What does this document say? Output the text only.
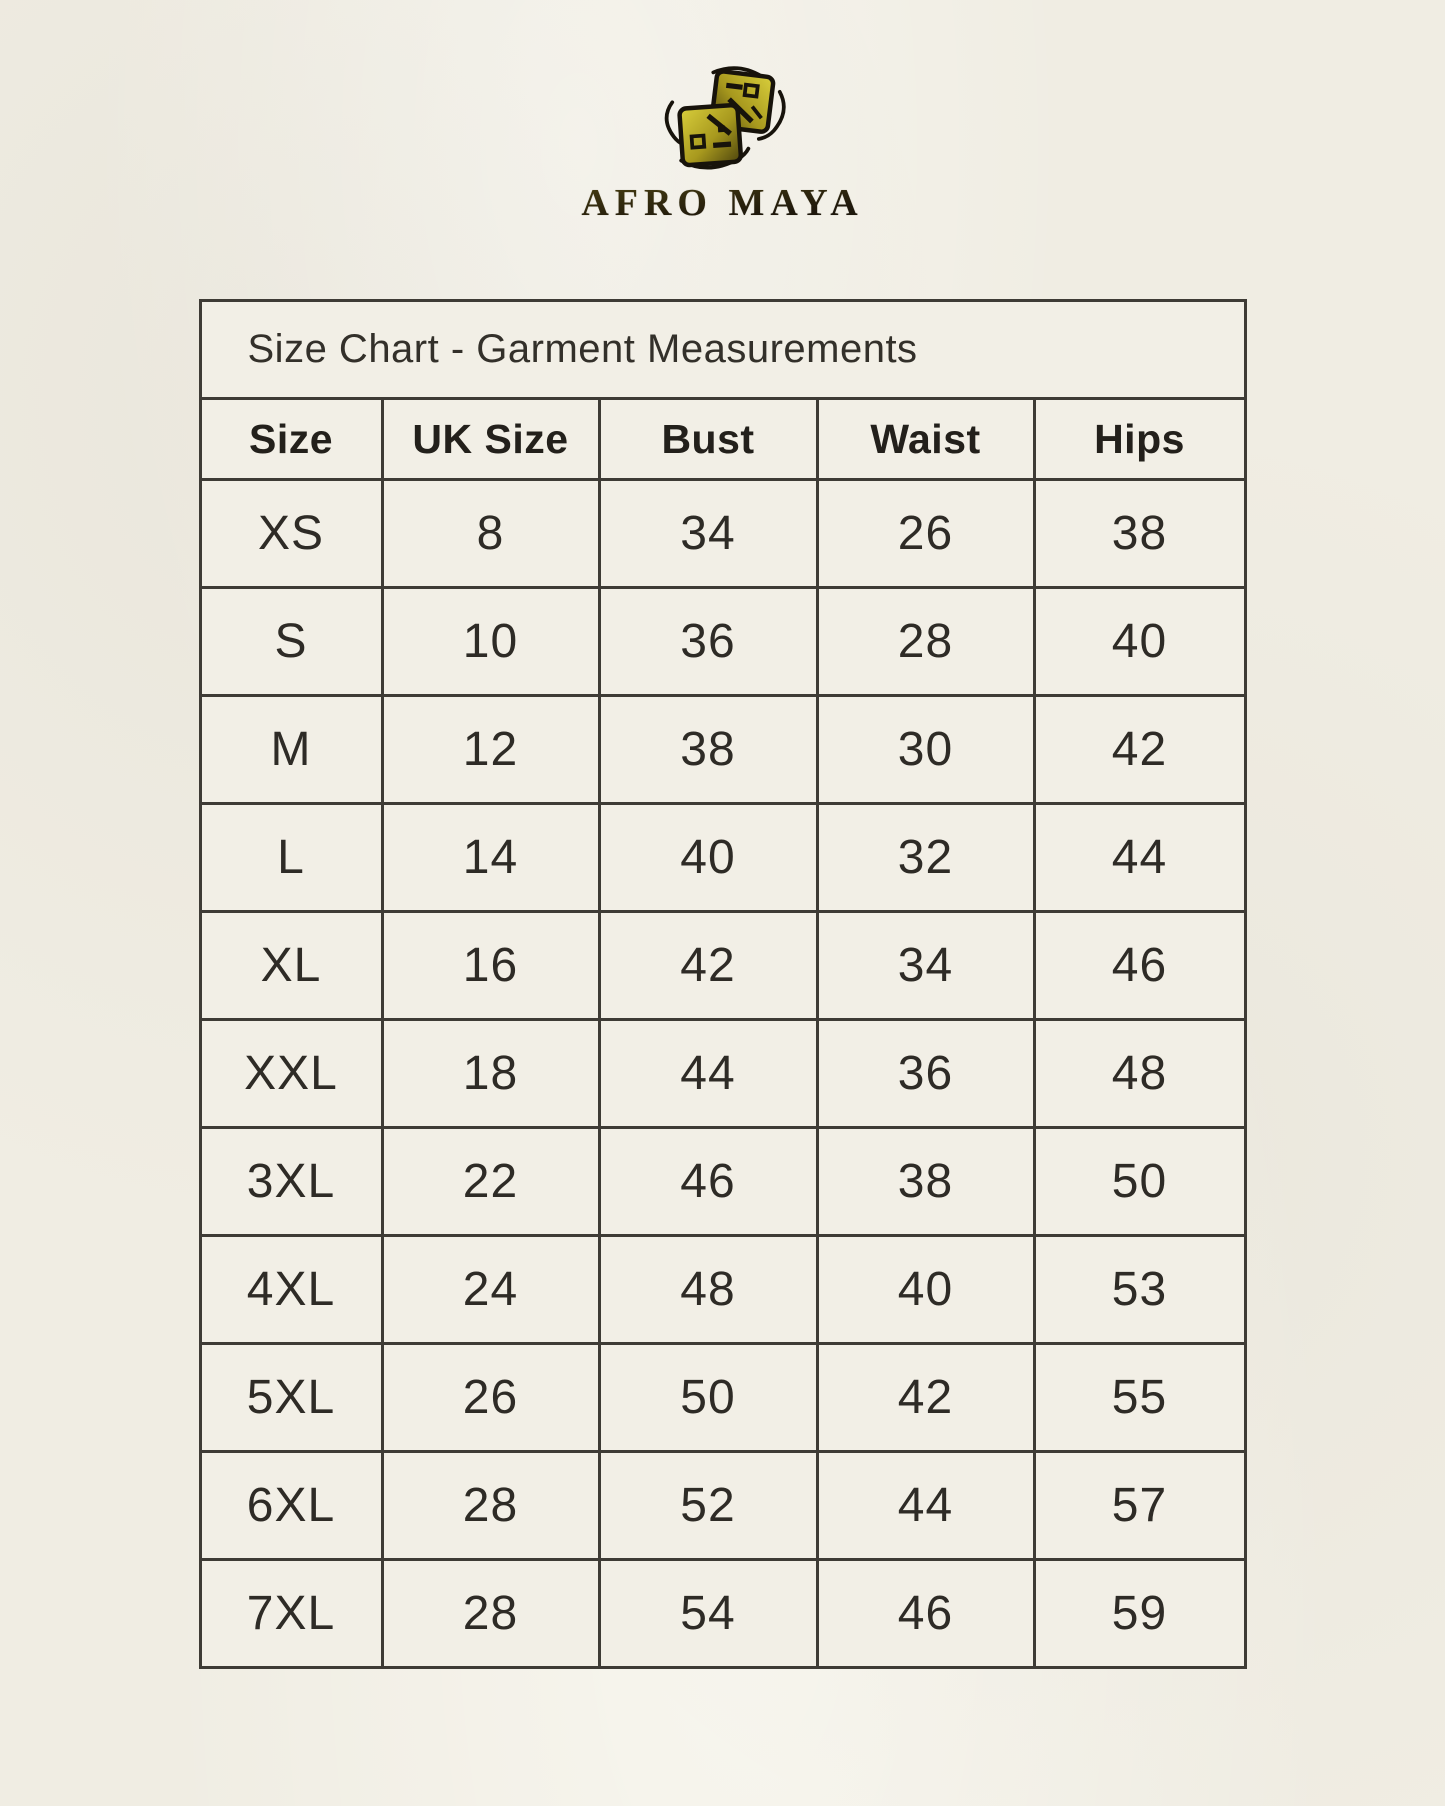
AFRO MAYA
Size Chart - Garment Measurements				
Size	UK Size	Bust	Waist	Hips
XS	8	34	26	38
S	10	36	28	40
M	12	38	30	42
L	14	40	32	44
XL	16	42	34	46
XXL	18	44	36	48
3XL	22	46	38	50
4XL	24	48	40	53
5XL	26	50	42	55
6XL	28	52	44	57
7XL	28	54	46	59
